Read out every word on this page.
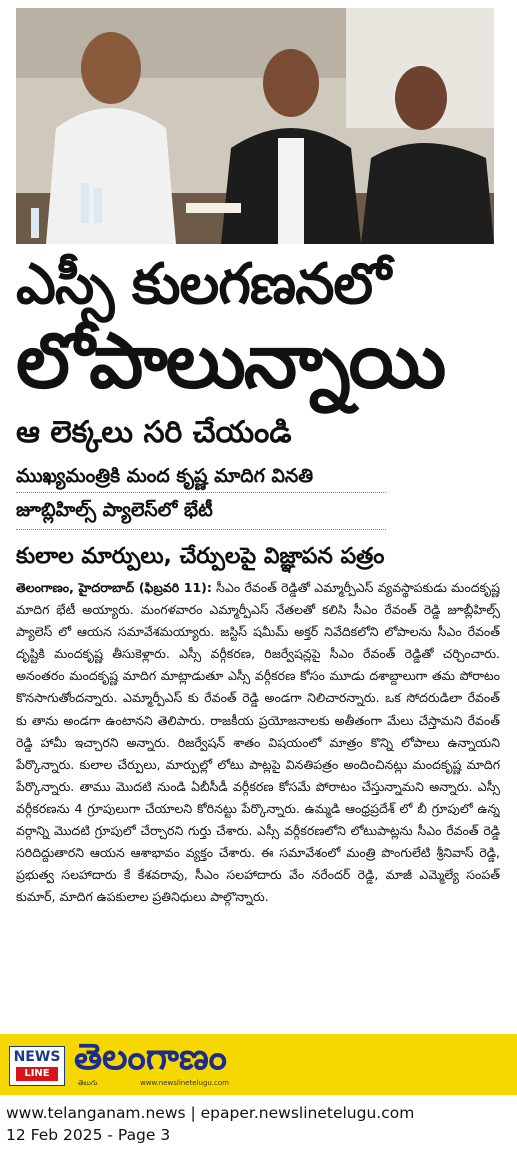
ఎస్సీ కులగణనలో
లోపాలున్నాయి
ఆ లెక్కలు సరి చేయండి
ముఖ్యమంత్రికి మంద కృష్ణ మాదిగ వినతి
జూబ్లిహిల్స్ ప్యాలెస్‌లో భేటీ
కులాల మార్పులు, చేర్పులపై విజ్ఞాపన పత్రం
తెలంగాణం, హైదరాబాద్ (ఫిబ్రవరి 11): సీఎం రేవంత్ రెడ్డితో ఎమ్మార్పీఎస్ వ్యవస్థాపకుడు మందకృష్ణ మాదిగ భేటీ అయ్యారు. మంగళవారం ఎమ్మార్పీఎస్ నేతలతో కలిసి సీఎం రేవంత్ రెడ్డి జూబ్లీహిల్స్ ప్యాలెస్ లో ఆయన సమావేశమయ్యారు. జస్టిస్ షమీమ్ అక్తర్ నివేదికలోని లోపాలను సీఎం రేవంత్ దృష్టికి మందకృష్ణ తీసుకెళ్లారు. ఎస్సీ వర్గీకరణ, రిజర్వేషన్లపై సీఎం రేవంత్ రెడ్డితో చర్చించారు. అనంతరం మందకృష్ణ మాదిగ మాట్లాడుతూ ఎస్సీ వర్గీకరణ కోసం మూడు దశాబ్దాలుగా తమ పోరాటం కొనసాగుతోందన్నారు. ఎమ్మార్పీఎస్ కు రేవంత్ రెడ్డి అండగా నిలిచారన్నారు. ఒక సోదరుడిలా రేవంత్ కు తాను అండగా ఉంటానని తెలిపారు. రాజకీయ ప్రయోజనాలకు అతీతంగా మేలు చేస్తామని రేవంత్ రెడ్డి హామీ ఇచ్చారని అన్నారు. రిజర్వేషన్ శాతం విషయంలో మాత్రం కొన్ని లోపాలు ఉన్నాయని పేర్కొన్నారు. కులాల చేర్పులు, మార్పుల్లో లోటు పాట్లపై వినతిపత్రం అందించినట్లు మందకృష్ణ మాదిగ పేర్కొన్నారు. తాము మొదటి నుండి ఏబీసీడీ వర్గీకరణ కోసమే పోరాటం చేస్తున్నామని అన్నారు. ఎస్సీ వర్గీకరణను 4 గ్రూపులుగా చేయాలని కోరినట్టు పేర్కొన్నారు. ఉమ్మడి ఆంధ్రప్రదేశ్ లో బీ గ్రూపులో ఉన్న వర్గాన్ని మొదటి గ్రూపులో చేర్చారని గుర్తు చేశారు. ఎస్సీ వర్గీకరణలోని లోటుపాట్లను సీఎం రేవంత్ రెడ్డి సరిదిద్దుతారని ఆయన ఆశాభావం వ్యక్తం చేశారు. ఈ సమావేశంలో మంత్రి పొంగులేటి శ్రీనివాస్ రెడ్డి, ప్రభుత్వ సలహాదారు కే కేశవరావు, సీఎం సలహాదారు వేం నరేందర్ రెడ్డి, మాజీ ఎమ్మెల్యే సంపత్ కుమార్, మాదిగ ఉపకులాల ప్రతినిధులు పాల్గొన్నారు.
NEWS
LINE తెలంగాణం
తెలుగు	www.newslinetelugu.com
www.telanganam.news | epaper.newslinetelugu.com
12 Feb 2025 - Page 3
